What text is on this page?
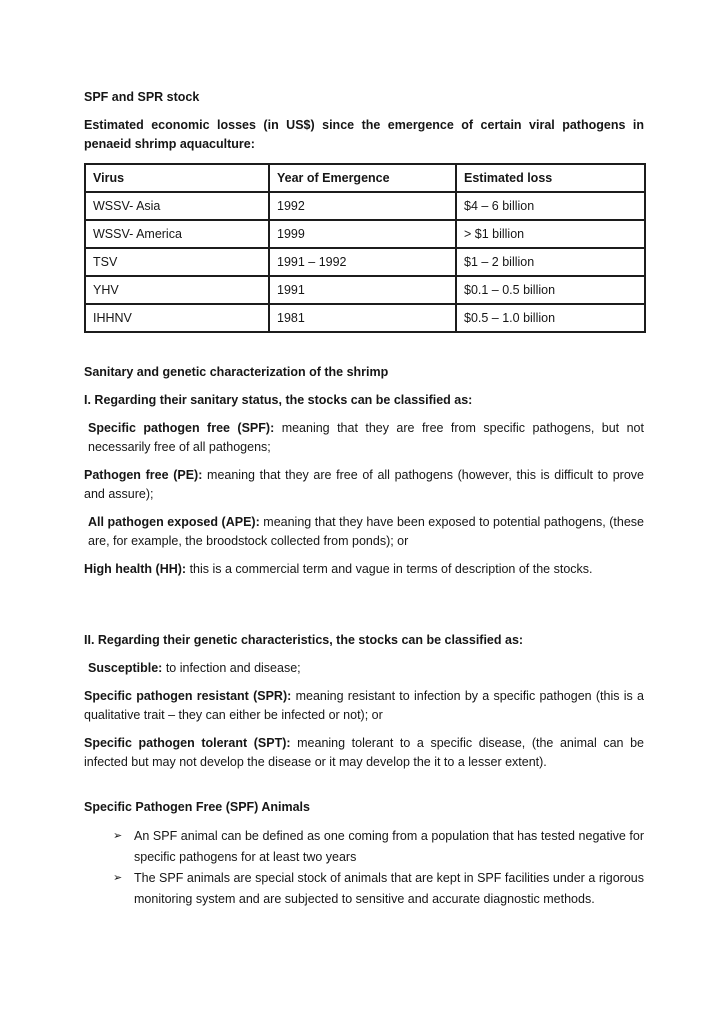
SPF and SPR stock

Estimated economic losses (in US$) since the emergence of certain viral pathogens in penaeid shrimp aquaculture:

Virus	Year of Emergence	Estimated loss
WSSV- Asia	1992	$4 – 6 billion
WSSV- America	1999	> $1 billion
TSV	1991 – 1992	$1 – 2 billion
YHV	1991	$0.1 – 0.5 billion
IHHNV	1981	$0.5 – 1.0 billion
Sanitary and genetic characterization of the shrimp
I. Regarding their sanitary status, the stocks can be classified as:

Specific pathogen free (SPF): meaning that they are free from specific pathogens, but not necessarily free of all pathogens;

Pathogen free (PE): meaning that they are free of all pathogens (however, this is difficult to prove and assure);

All pathogen exposed (APE): meaning that they have been exposed to potential pathogens, (these are, for example, the broodstock collected from ponds); or

High health (HH): this is a commercial term and vague in terms of description of the stocks.

II. Regarding their genetic characteristics, the stocks can be classified as:

Susceptible: to infection and disease;

Specific pathogen resistant (SPR): meaning resistant to infection by a specific pathogen (this is a qualitative trait – they can either be infected or not); or

Specific pathogen tolerant (SPT): meaning tolerant to a specific disease, (the animal can be infected but may not develop the disease or it may develop the it to a lesser extent).

Specific Pathogen Free (SPF) Animals
➢ An SPF animal can be defined as one coming from a population that has tested negative for specific pathogens for at least two years
➢ The SPF animals are special stock of animals that are kept in SPF facilities under a rigorous monitoring system and are subjected to sensitive and accurate diagnostic methods.
